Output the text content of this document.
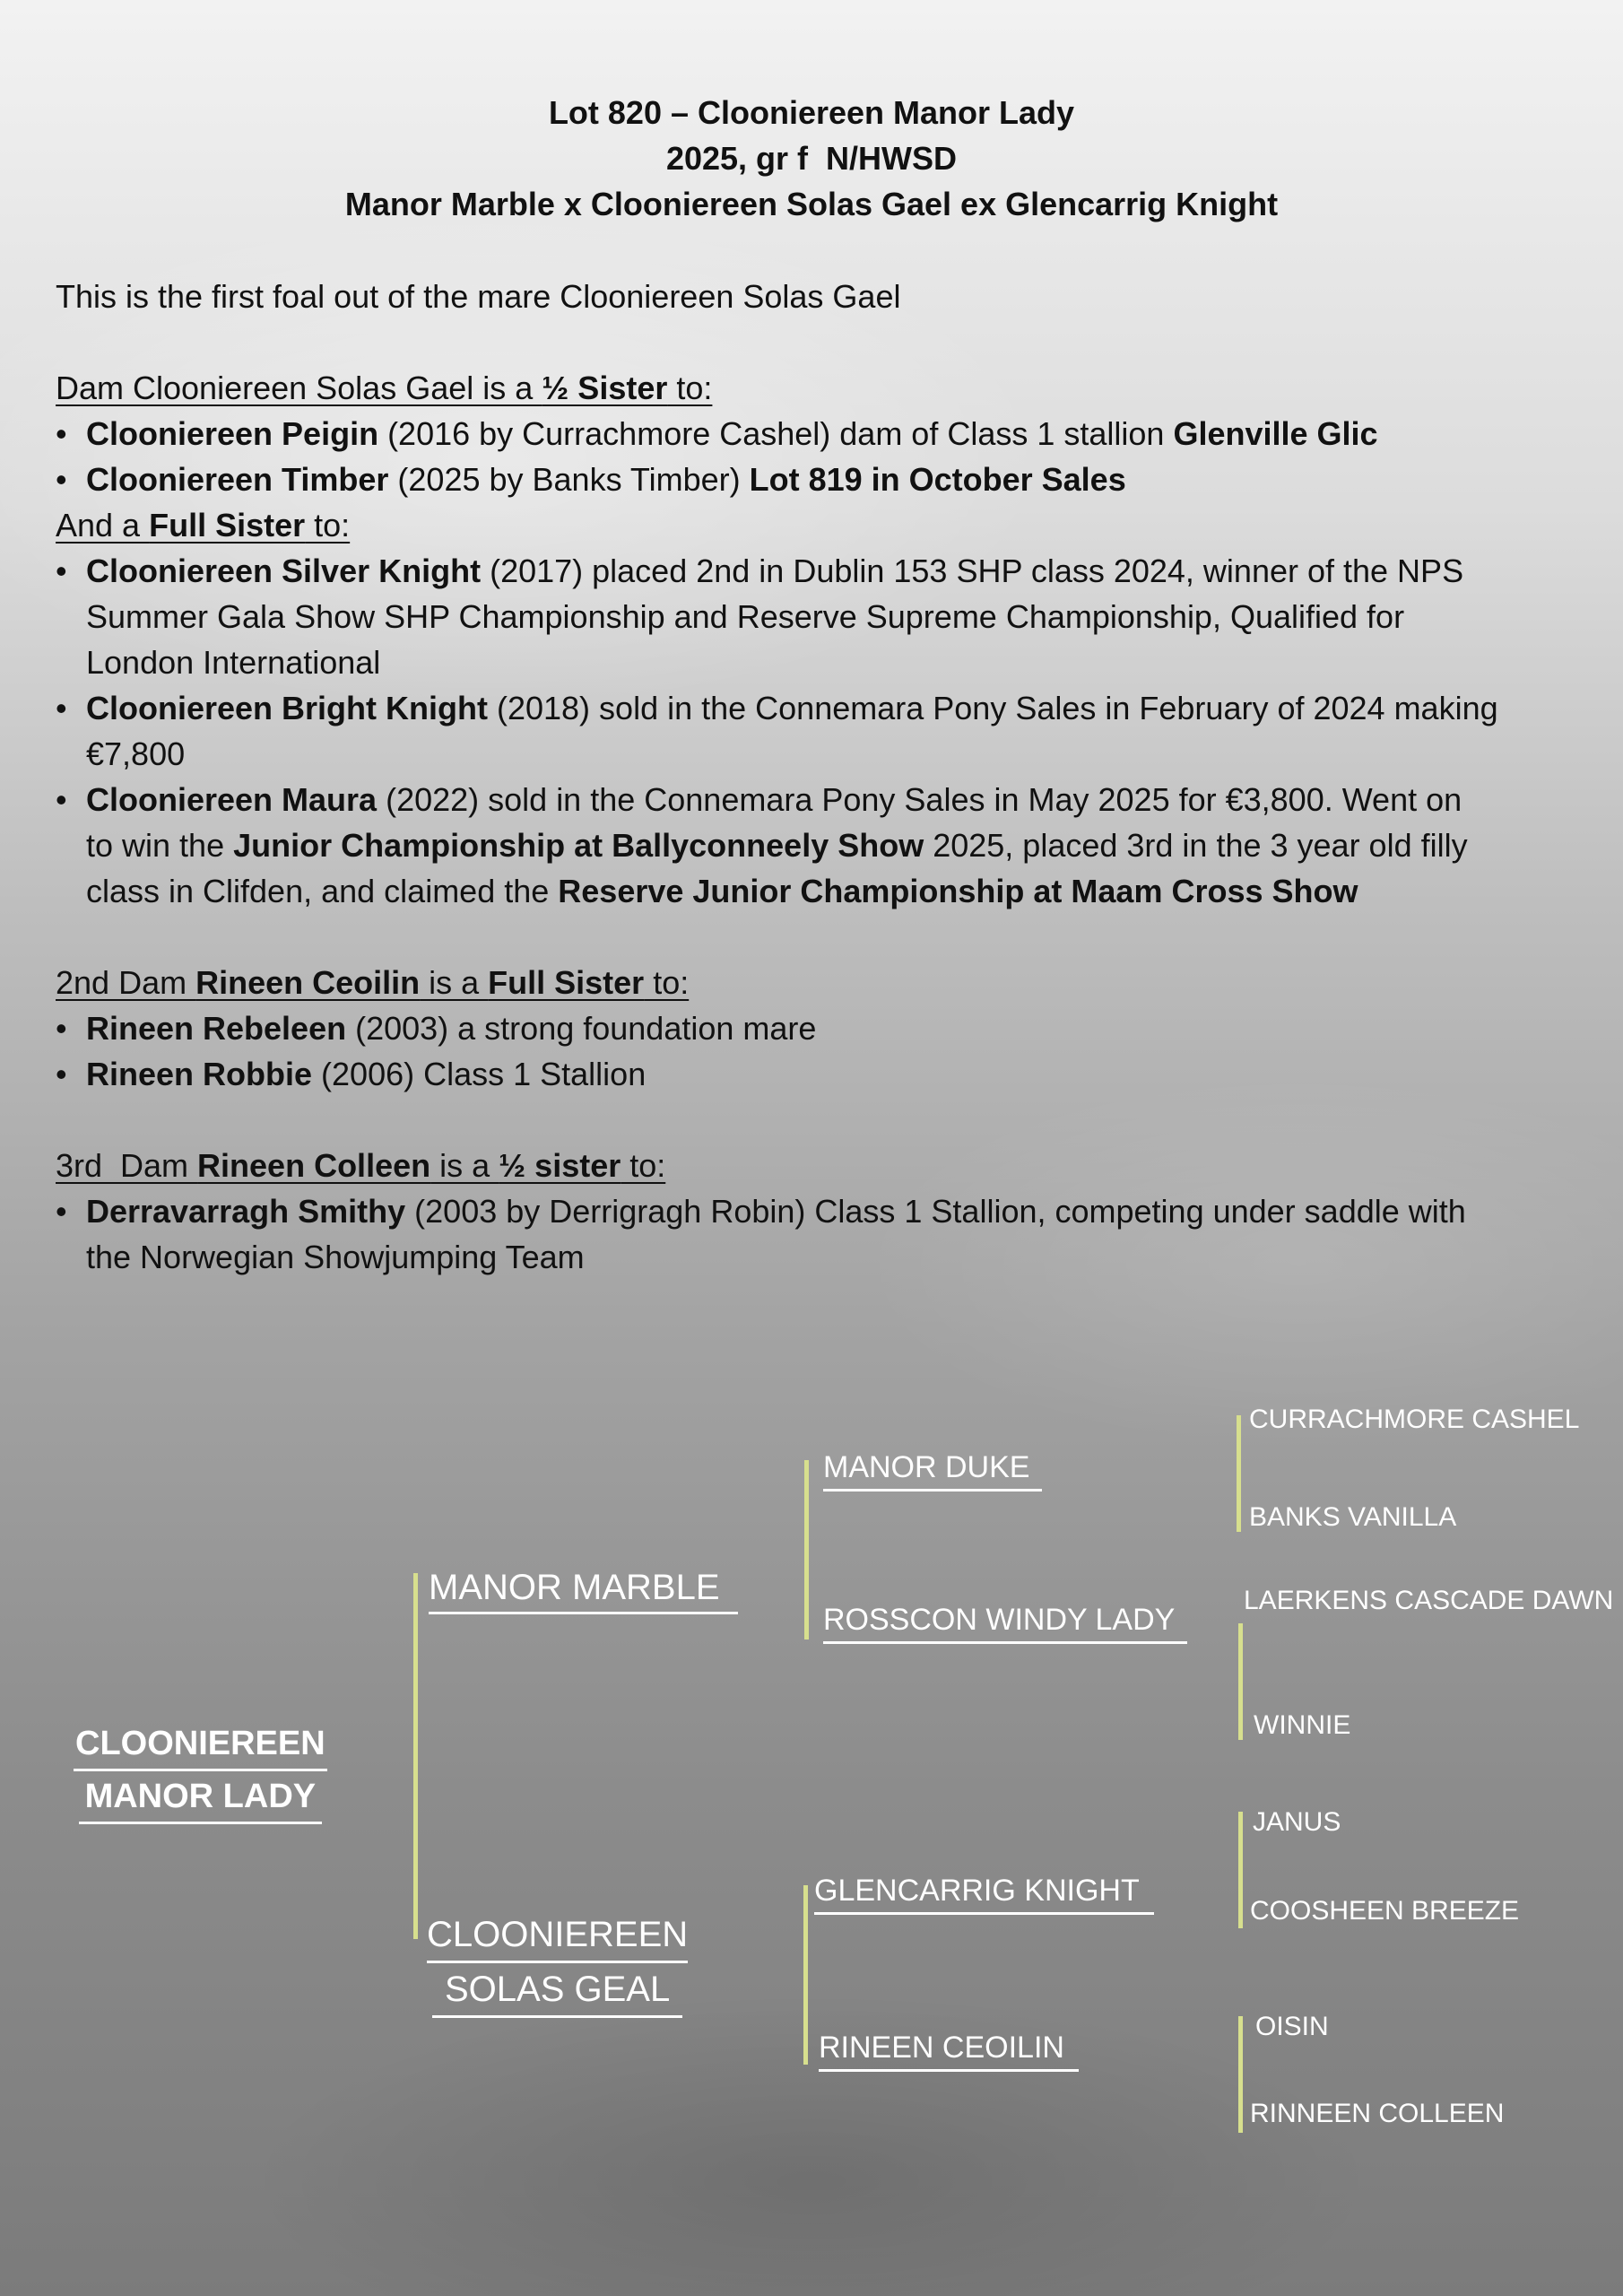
Lot 820 – Clooniereen Manor Lady
2025, gr f  N/HWSD
Manor Marble x Clooniereen Solas Gael ex Glencarrig Knight
This is the first foal out of the mare Clooniereen Solas Gael
Dam Clooniereen Solas Gael is a ½ Sister to:
• Clooniereen Peigin (2016 by Currachmore Cashel) dam of Class 1 stallion Glenville Glic
• Clooniereen Timber (2025 by Banks Timber) Lot 819 in October Sales
And a Full Sister to:
• Clooniereen Silver Knight (2017) placed 2nd in Dublin 153 SHP class 2024, winner of the NPS
Summer Gala Show SHP Championship and Reserve Supreme Championship, Qualified for
London International
• Clooniereen Bright Knight (2018) sold in the Connemara Pony Sales in February of 2024 making
€7,800
• Clooniereen Maura (2022) sold in the Connemara Pony Sales in May 2025 for €3,800. Went on
to win the Junior Championship at Ballyconneely Show 2025, placed 3rd in the 3 year old filly
class in Clifden, and claimed the Reserve Junior Championship at Maam Cross Show
2nd Dam Rineen Ceoilin is a Full Sister to:
• Rineen Rebeleen (2003) a strong foundation mare
• Rineen Robbie (2006) Class 1 Stallion
3rd  Dam Rineen Colleen is a ½ sister to:
• Derravarragh Smithy (2003 by Derrigragh Robin) Class 1 Stallion, competing under saddle with
the Norwegian Showjumping Team
CLOONIEREEN
MANOR LADY
MANOR MARBLE
CLOONIEREEN
SOLAS GEAL
MANOR DUKE
ROSSCON WINDY LADY
GLENCARRIG KNIGHT
RINEEN CEOILIN
CURRACHMORE CASHEL
BANKS VANILLA
LAERKENS CASCADE DAWN
WINNIE
JANUS
COOSHEEN BREEZE
OISIN
RINNEEN COLLEEN
